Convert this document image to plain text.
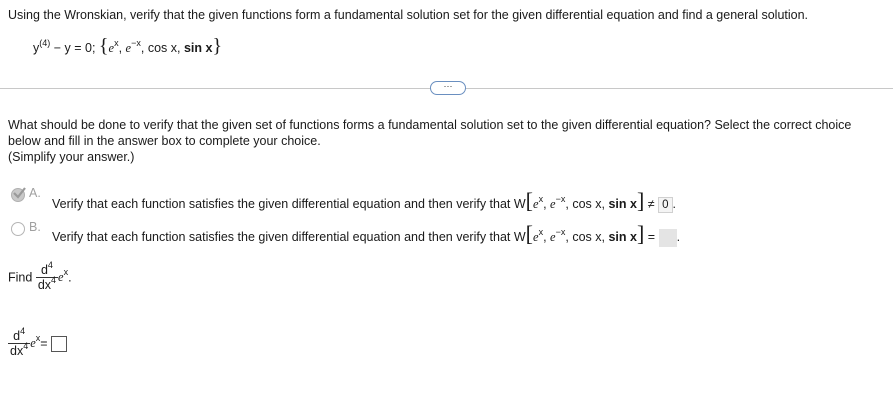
Using the Wronskian, verify that the given functions form a fundamental solution set for the given differential equation and find a general solution.
$y^{(4)} - y = 0$; {$e^x$, $e^{-x}$, cos x, sin x}
⋯
What should be done to verify that the given set of functions forms a fundamental solution set to the given differential equation? Select the correct choice
below and fill in the answer box to complete your choice.
(Simplify your answer.)
A.
Verify that each function satisfies the given differential equation and then verify that $W[e^x$, $e^{-x}$, cos x, sin x] ≠ 0 .
B.
Verify that each function satisfies the given differential equation and then verify that $W[e^x$, $e^{-x}$, cos x, sin x] = .
Find $\frac{d^4}{dx^4} e^x$.
$\frac{d^4}{dx^4} e^x=$
